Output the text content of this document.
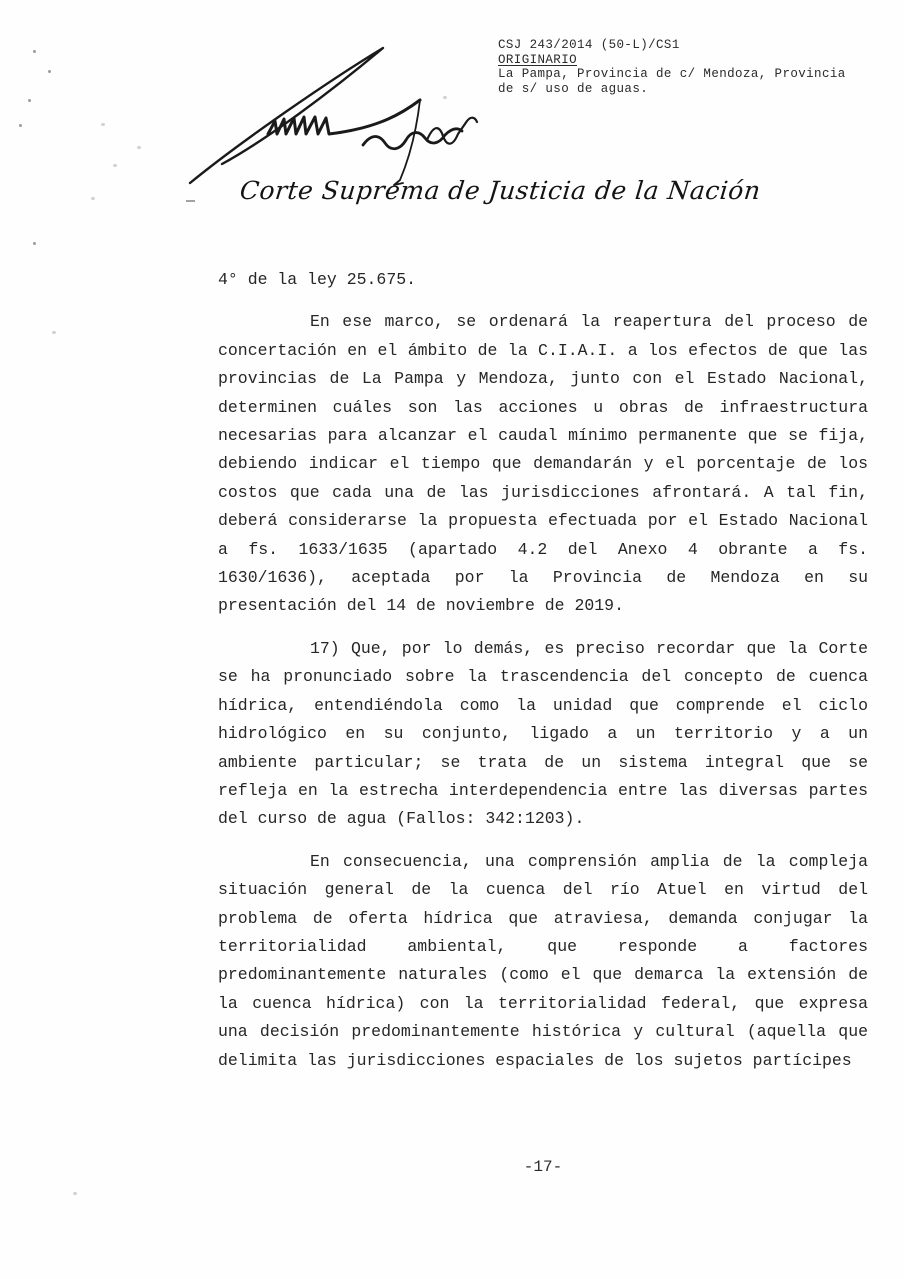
CSJ 243/2014 (50-L)/CS1
ORIGINARIO
La Pampa, Provincia de c/ Mendoza, Provincia de s/ uso de aguas.
Corte Suprema de Justicia de la Nación

4° de la ley 25.675.

En ese marco, se ordenará la reapertura del proceso de concertación en el ámbito de la C.I.A.I. a los efectos de que las provincias de La Pampa y Mendoza, junto con el Estado Nacional, determinen cuáles son las acciones u obras de infraestructura necesarias para alcanzar el caudal mínimo permanente que se fija, debiendo indicar el tiempo que demandarán y el porcentaje de los costos que cada una de las jurisdicciones afrontará. A tal fin, deberá considerarse la propuesta efectuada por el Estado Nacional a fs. 1633/1635 (apartado 4.2 del Anexo 4 obrante a fs. 1630/1636), aceptada por la Provincia de Mendoza en su presentación del 14 de noviembre de 2019.

17) Que, por lo demás, es preciso recordar que la Corte se ha pronunciado sobre la trascendencia del concepto de cuenca hídrica, entendiéndola como la unidad que comprende el ciclo hidrológico en su conjunto, ligado a un territorio y a un ambiente particular; se trata de un sistema integral que se refleja en la estrecha interdependencia entre las diversas partes del curso de agua (Fallos: 342:1203).

En consecuencia, una comprensión amplia de la compleja situación general de la cuenca del río Atuel en virtud del problema de oferta hídrica que atraviesa, demanda conjugar la territorialidad ambiental, que responde a factores predominantemente naturales (como el que demarca la extensión de la cuenca hídrica) con la territorialidad federal, que expresa una decisión predominantemente histórica y cultural (aquella que delimita las jurisdicciones espaciales de los sujetos partícipes

-17-
